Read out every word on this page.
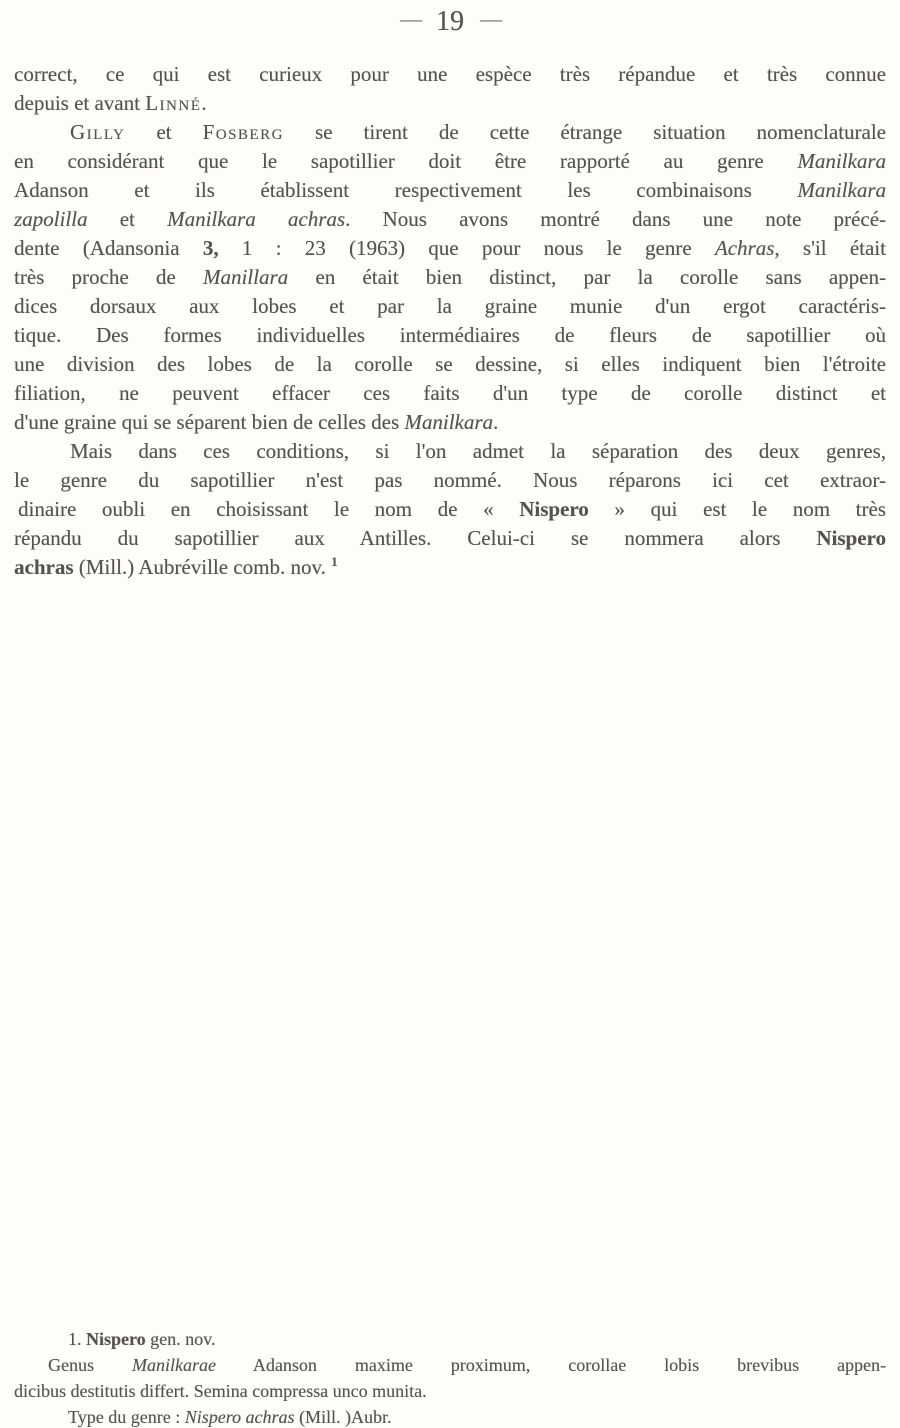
— 19 —
correct, ce qui est curieux pour une espèce très répandue et très connue
depuis et avant Linné.
Gilly et Fosberg se tirent de cette étrange situation nomenclaturale
en considérant que le sapotillier doit être rapporté au genre Manilkara
Adanson et ils établissent respectivement les combinaisons Manilkara
zapolilla et Manilkara achras. Nous avons montré dans une note précé-
dente (Adansonia 3, 1 : 23 (1963) que pour nous le genre Achras, s'il était
très proche de Manillara en était bien distinct, par la corolle sans appen-
dices dorsaux aux lobes et par la graine munie d'un ergot caractéris-
tique. Des formes individuelles intermédiaires de fleurs de sapotillier où
une division des lobes de la corolle se dessine, si elles indiquent bien l'étroite
filiation, ne peuvent effacer ces faits d'un type de corolle distinct et
d'une graine qui se séparent bien de celles des Manilkara.
Mais dans ces conditions, si l'on admet la séparation des deux genres,
le genre du sapotillier n'est pas nommé. Nous réparons ici cet extraor-
dinaire oubli en choisissant le nom de « Nispero » qui est le nom très
répandu du sapotillier aux Antilles. Celui-ci se nommera alors Nispero
achras (Mill.) Aubréville comb. nov. $^1$
1. Nispero gen. nov.
Genus Manilkarae Adanson maxime proximum, corollae lobis brevibus appen-
dicibus destitutis differt. Semina compressa unco munita.
Type du genre : Nispero achras (Mill. )Aubr.
